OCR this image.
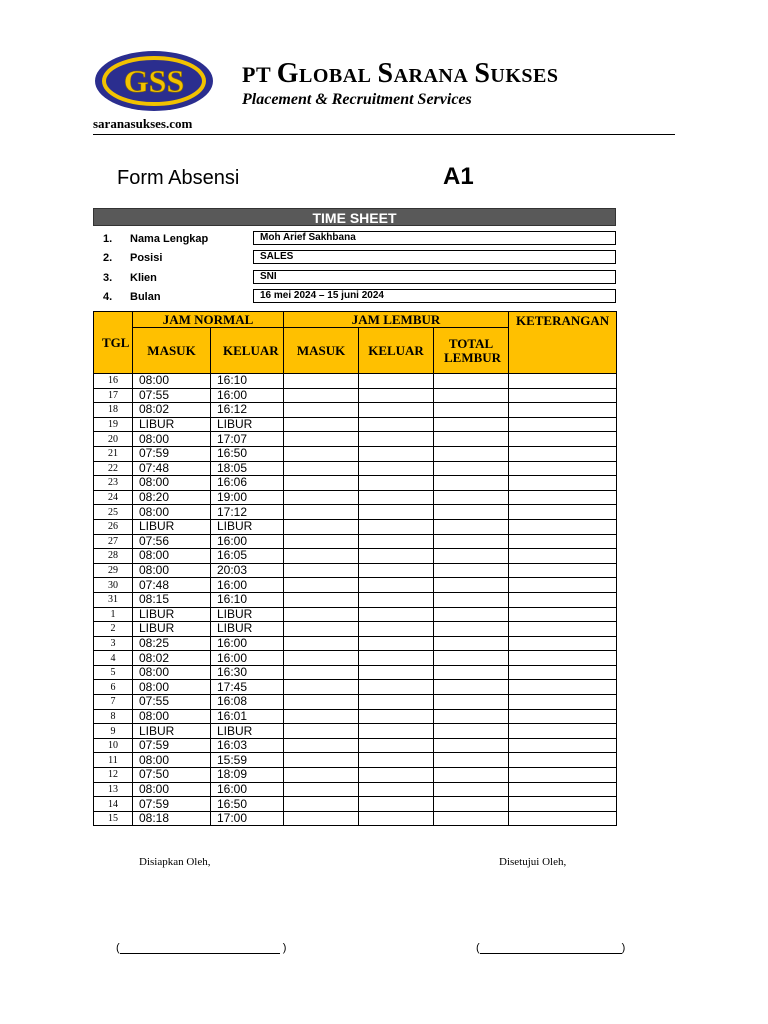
GSS	PT Global Sarana Sukses
Placement & Recruitment Services
saranasukses.com
Form Absensi	A1
TIME SHEET
1. Nama Lengkap	Moh Arief Sakhbana
2. Posisi	SALES
3. Klien	SNI
4. Bulan	16 mei 2024 – 15 juni 2024
TGL	JAM NORMAL		JAM LEMBUR			KETERANGAN
	MASUK	KELUAR	MASUK	KELUAR	TOTAL LEMBUR	
16	08:00	16:10				
17	07:55	16:00				
18	08:02	16:12				
19	LIBUR	LIBUR				
20	08:00	17:07				
21	07:59	16:50				
22	07:48	18:05				
23	08:00	16:06				
24	08:20	19:00				
25	08:00	17:12				
26	LIBUR	LIBUR				
27	07:56	16:00				
28	08:00	16:05				
29	08:00	20:03				
30	07:48	16:00				
31	08:15	16:10				
1	LIBUR	LIBUR				
2	LIBUR	LIBUR				
3	08:25	16:00				
4	08:02	16:00				
5	08:00	16:30				
6	08:00	17:45				
7	07:55	16:08				
8	08:00	16:01				
9	LIBUR	LIBUR				
10	07:59	16:03				
11	08:00	15:59				
12	07:50	18:09				
13	08:00	16:00				
14	07:59	16:50				
15	08:18	17:00				
Disiapkan Oleh,	Disetujui Oleh,
(	)	(	)
